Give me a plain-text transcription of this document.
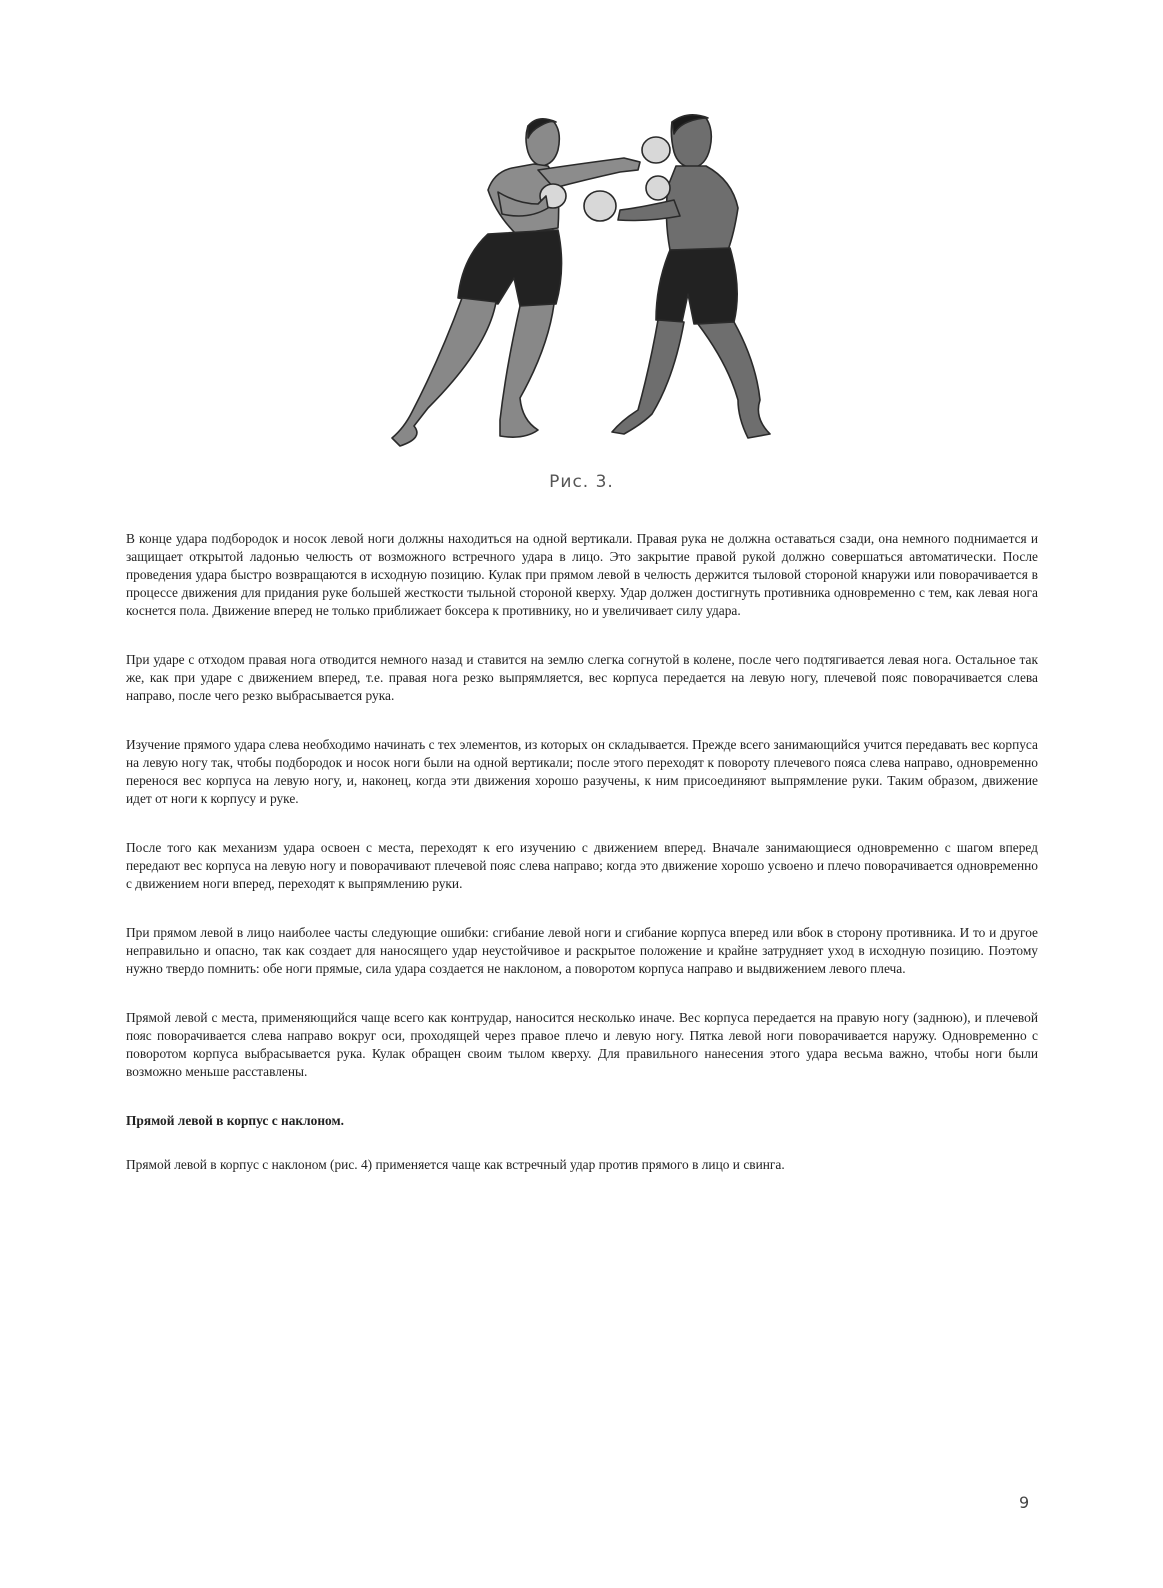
Рис. 3.

В конце удара подбородок и носок левой ноги должны находиться на одной вертикали. Правая рука не должна оставаться сзади, она немного поднимается и защищает открытой ладонью челюсть от возможного встречного удара в лицо. Это закрытие правой рукой должно совершаться автоматически. После проведения удара быстро возвращаются в исходную позицию. Кулак при прямом левой в челюсть держится тыловой стороной кнаружи или поворачивается в процессе движения для придания руке большей жесткости тыльной стороной кверху. Удар должен достигнуть противника одновременно с тем, как левая нога коснется пола. Движение вперед не только приближает боксера к противнику, но и увеличивает силу удара.

При ударе с отходом правая нога отводится немного назад и ставится на землю слегка согнутой в колене, после чего подтягивается левая нога. Остальное так же, как при ударе с движением вперед, т.е. правая нога резко выпрямляется, вес корпуса передается на левую ногу, плечевой пояс поворачивается слева направо, после чего резко выбрасывается рука.

Изучение прямого удара слева необходимо начинать с тех элементов, из которых он складывается. Прежде всего занимающийся учится передавать вес корпуса на левую ногу так, чтобы подбородок и носок ноги были на одной вертикали; после этого переходят к повороту плечевого пояса слева направо, одновременно перенося вес корпуса на левую ногу, и, наконец, когда эти движения хорошо разучены, к ним присоединяют выпрямление руки. Таким образом, движение идет от ноги к корпусу и руке.

После того как механизм удара освоен с места, переходят к его изучению с движением вперед. Вначале занимающиеся одновременно с шагом вперед передают вес корпуса на левую ногу и поворачивают плечевой пояс слева направо; когда это движение хорошо усвоено и плечо поворачивается одновременно с движением ноги вперед, переходят к выпрямлению руки.

При прямом левой в лицо наиболее часты следующие ошибки: сгибание левой ноги и сгибание корпуса вперед или вбок в сторону противника. И то и другое неправильно и опасно, так как создает для наносящего удар неустойчивое и раскрытое положение и крайне затрудняет уход в исходную позицию. Поэтому нужно твердо помнить: обе ноги прямые, сила удара создается не наклоном, а поворотом корпуса направо и выдвижением левого плеча.

Прямой левой с места, применяющийся чаще всего как контрудар, наносится несколько иначе. Вес корпуса передается на правую ногу (заднюю), и плечевой пояс поворачивается слева направо вокруг оси, проходящей через правое плечо и левую ногу. Пятка левой ноги поворачивается наружу. Одновременно с поворотом корпуса выбрасывается рука. Кулак обращен своим тылом кверху. Для правильного нанесения этого удара весьма важно, чтобы ноги были возможно меньше расставлены.

Прямой левой в корпус с наклоном.

Прямой левой в корпус с наклоном (рис. 4) применяется чаще как встречный удар против прямого в лицо и свинга.

9
